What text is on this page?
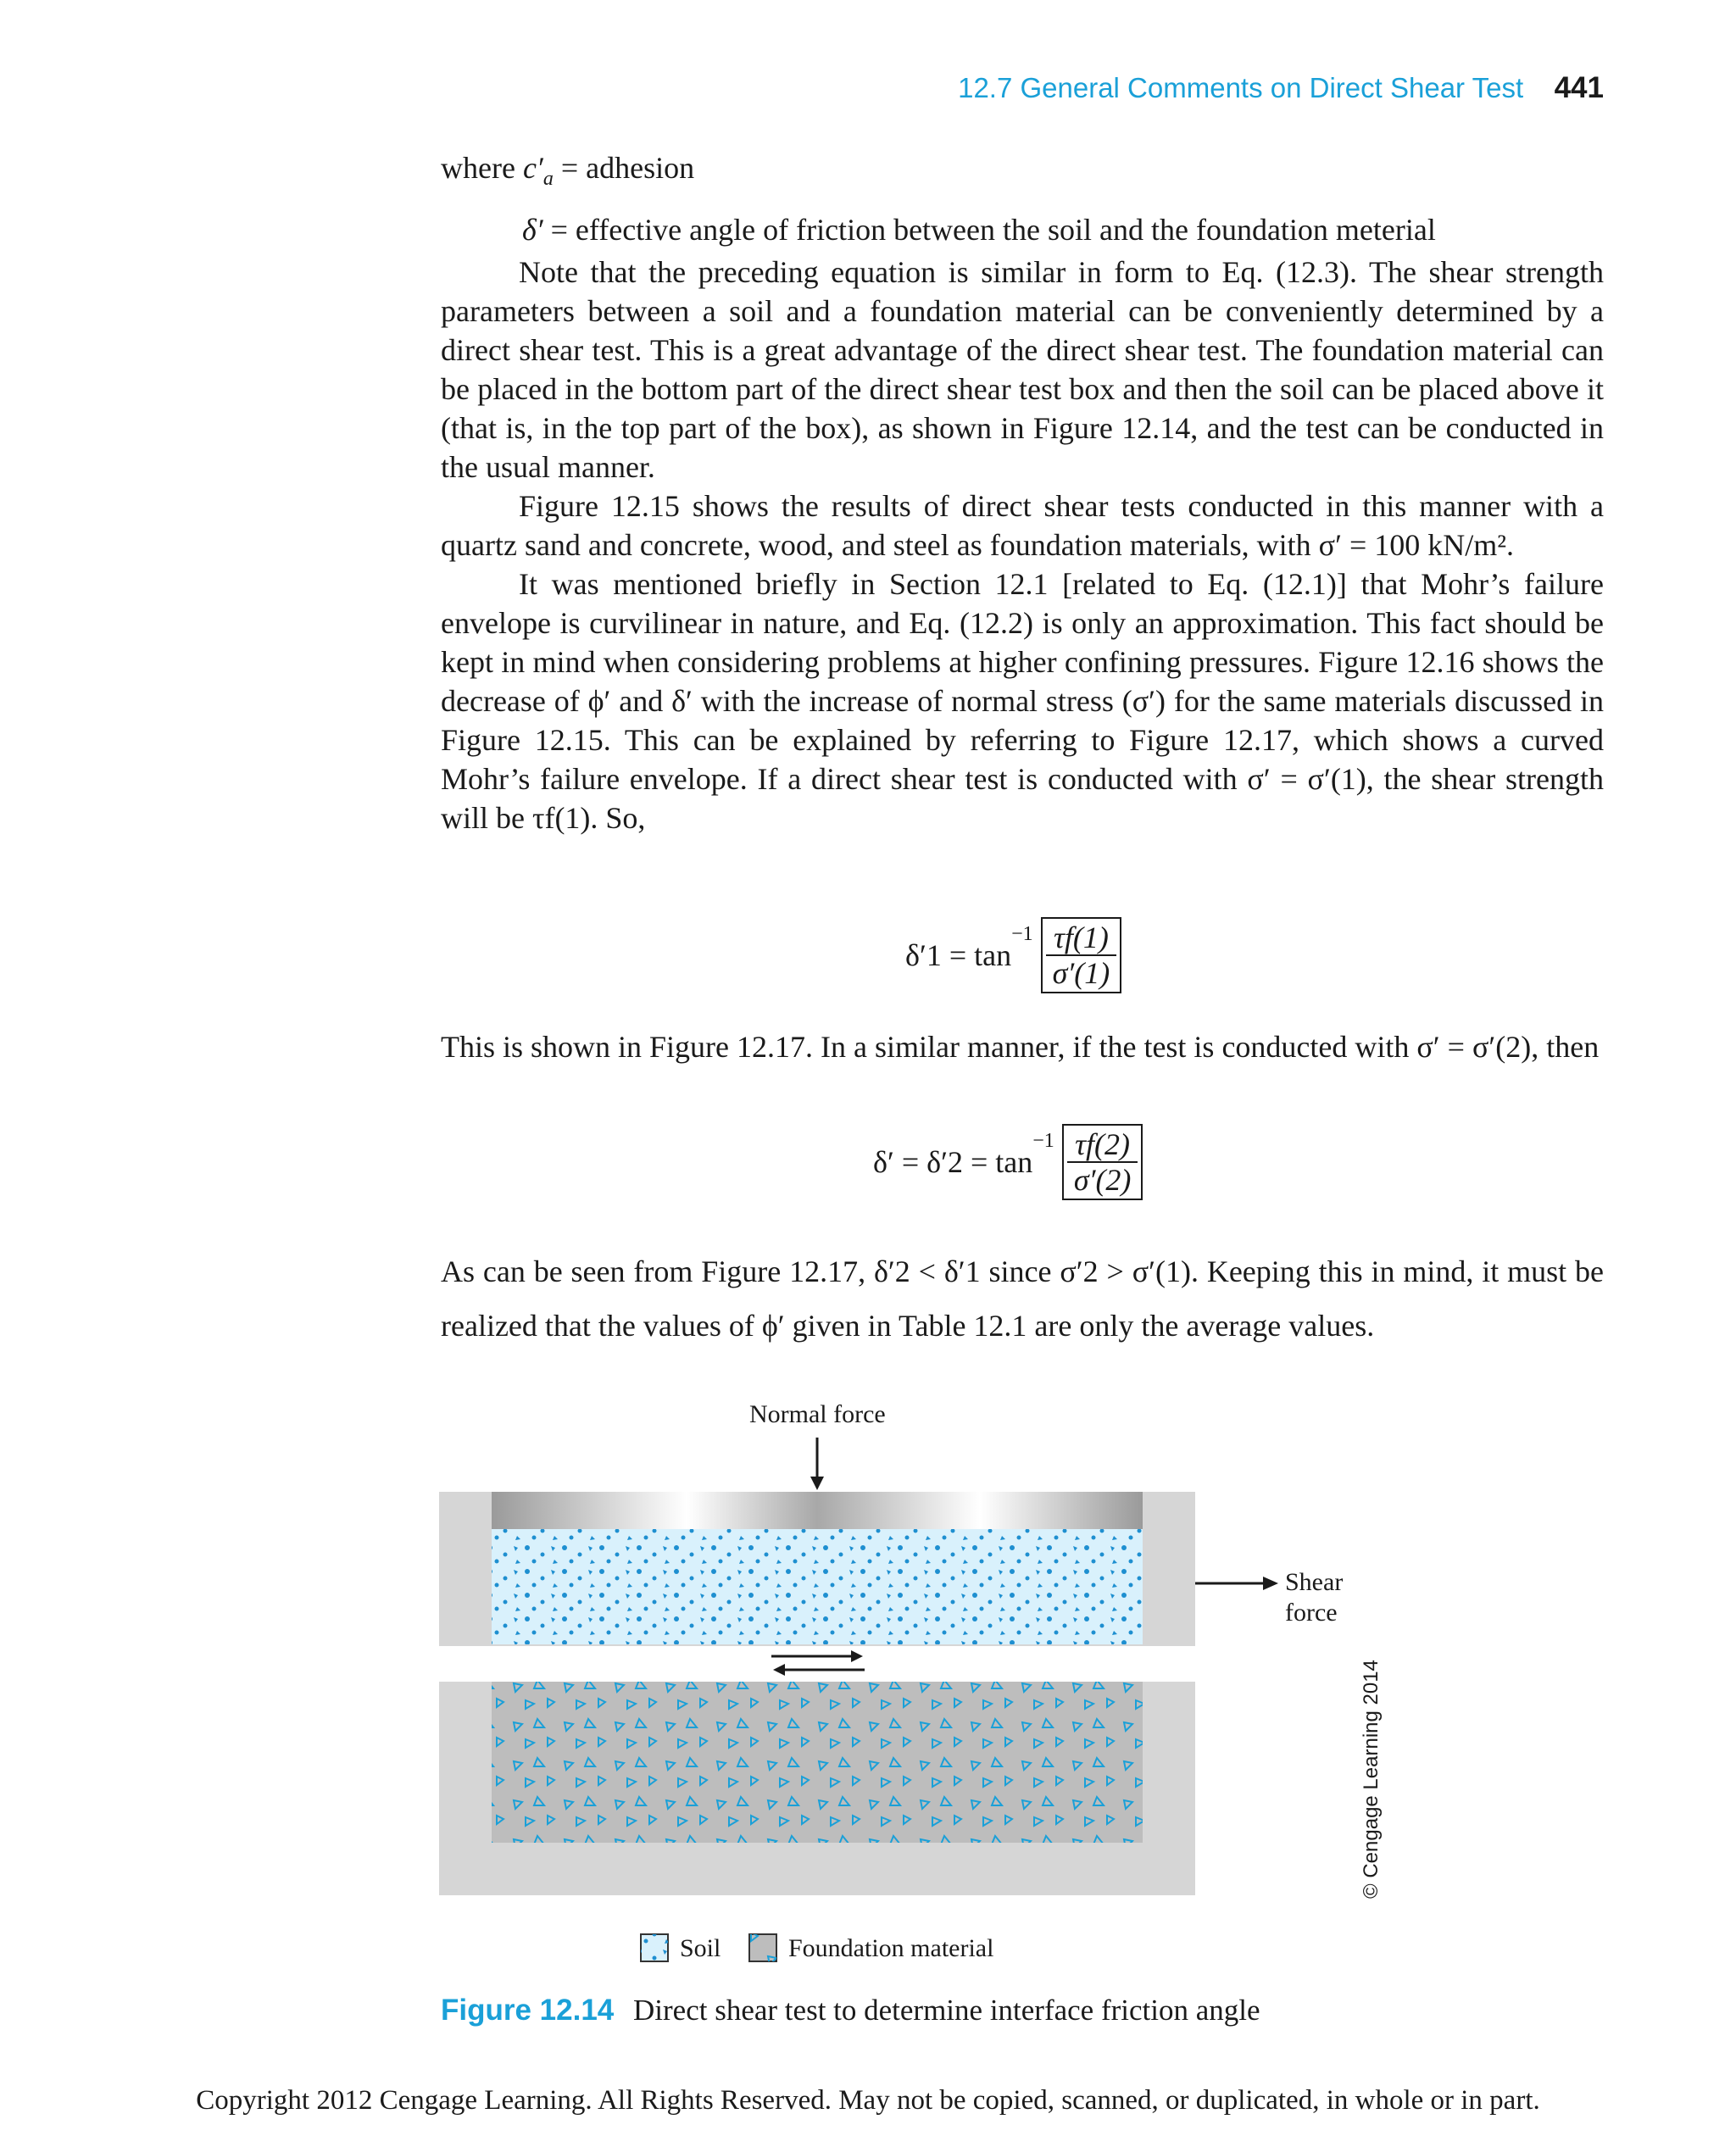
12.7 General Comments on Direct Shear Test 441
where $c'_a$ = adhesion
δ′ = effective angle of friction between the soil and the foundation meterial

Note that the preceding equation is similar in form to Eq. (12.3). The shear strength parameters between a soil and a foundation material can be conveniently determined by a direct shear test. This is a great advantage of the direct shear test. The foundation material can be placed in the bottom part of the direct shear test box and then the soil can be placed above it (that is, in the top part of the box), as shown in Figure 12.14, and the test can be conducted in the usual manner.

Figure 12.15 shows the results of direct shear tests conducted in this manner with a quartz sand and concrete, wood, and steel as foundation materials, with σ′ = 100 kN/m².

It was mentioned briefly in Section 12.1 [related to Eq. (12.1)] that Mohr’s failure envelope is curvilinear in nature, and Eq. (12.2) is only an approximation. This fact should be kept in mind when considering problems at higher confining pressures. Figure 12.16 shows the decrease of ϕ′ and δ′ with the increase of normal stress (σ′) for the same materials discussed in Figure 12.15. This can be explained by referring to Figure 12.17, which shows a curved Mohr’s failure envelope. If a direct shear test is conducted with σ′ = σ′(1), the shear strength will be τf(1). So,

$\delta'1 = \tan^{-1} \frac{\tau f(1)}{\sigma'(1)}$

This is shown in Figure 12.17. In a similar manner, if the test is conducted with σ′ = σ′(2), then

$\delta' = \delta'2 = \tan^{-1} \frac{\tau f(2)}{\sigma'(2)}$

As can be seen from Figure 12.17, δ′2 < δ′1 since σ′2 > σ′(1). Keeping this in mind, it must be realized that the values of ϕ′ given in Table 12.1 are only the average values.

Normal force
Shear
force
Soil	Foundation material
© Cengage Learning 2014
Figure 12.14 Direct shear test to determine interface friction angle
Copyright 2012 Cengage Learning. All Rights Reserved. May not be copied, scanned, or duplicated, in whole or in part.
